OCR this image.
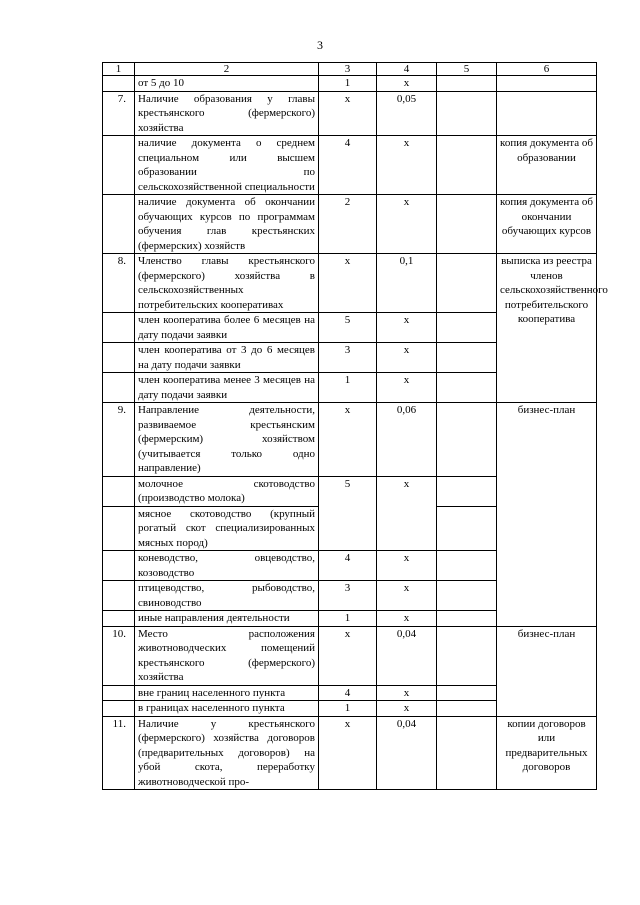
3
1	2	3	4	5	6
	от 5 до 10	1	х		
7.	Наличие образования у главы крестьянского (фермерского) хозяйства	х	0,05		
	наличие документа о среднем специальном или высшем образовании по сельскохозяйственной специальности	4	х		копия документа об образовании
	наличие документа об окончании обучающих курсов по программам обучения глав крестьянских (фермерских) хозяйств	2	х		копия документа об окончании обучающих курсов
8.	Членство главы крестьянского (фермерского) хозяйства в сельскохозяйственных потребительских кооперативах	х	0,1		выписка из реестра членов сельскохозяйственного потребительского кооператива
	член кооператива более 6 месяцев на дату подачи заявки	5	х		
	член кооператива от 3 до 6 месяцев на дату подачи заявки	3	х		
	член кооператива менее 3 месяцев на дату подачи заявки	1	х		
9.	Направление деятельности, развиваемое крестьянским (фермерским) хозяйством (учитывается только одно направление)	х	0,06		бизнес-план
	молочное скотоводство (производство молока)	5	х		
	мясное скотоводство (крупный рогатый скот специализированных мясных пород)				
	коневодство, овцеводство, козоводство	4	х		
	птицеводство, рыбоводство, свиноводство	3	х		
	иные направления деятельности	1	х		
10.	Место расположения животноводческих помещений крестьянского (фермерского) хозяйства	х	0,04		бизнес-план
	вне границ населенного пункта	4	х		
	в границах населенного пункта	1	х		
11.	Наличие у крестьянского (фермерского) хозяйства договоров (предварительных договоров) на убой скота, переработку животноводческой про-	х	0,04		копии договоров или предварительных договоров
